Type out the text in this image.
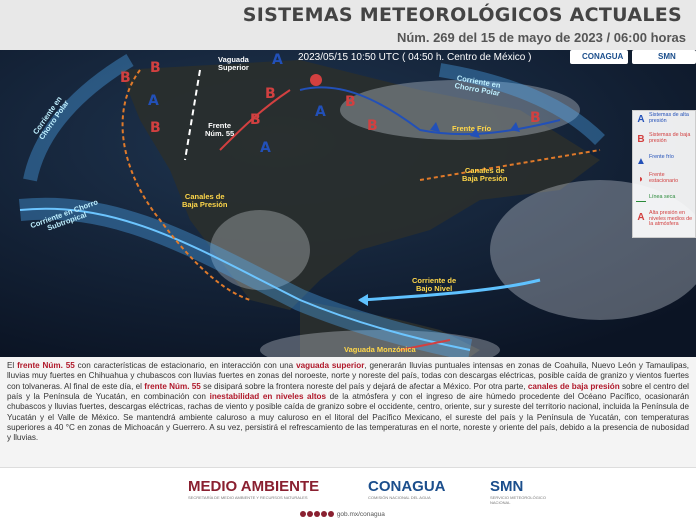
SISTEMAS METEOROLÓGICOS ACTUALES
Núm. 269 del 15 de mayo de 2023 / 06:00 horas
B
B
A
B
A
B
B
A
A
B
B	B
2023/05/15 10:50 UTC ( 04:50 h. Centro de México )	CONAGUA	SMN
Vaguada
Superior
Frente
Núm. 55
Corriente en
Chorro Polar
Corriente en
Chorro Polar
Frente Frío
Canales de
Baja Presión
Canales de
Baja Presión
Corriente en Chorro
Subtropical
Corriente de
Bajo Nivel
Vaguada Monzónica
A Sistemas de alta presión
B Sistemas de baja presión
▲ Frente frío
◗ Frente estacionario
— Línea seca
A Alta presión en niveles medios de la atmósfera
El frente Núm. 55 con características de estacionario, en interacción con una vaguada superior, generarán lluvias puntuales intensas en zonas de Coahuila, Nuevo León y Tamaulipas, lluvias muy fuertes en Chihuahua y chubascos con lluvias fuertes en zonas del noroeste, norte y noreste del país, todas con descargas eléctricas, posible caída de granizo y vientos fuertes con tolvaneras. Al final de este día, el frente Núm. 55 se disipará sobre la frontera noreste del país y dejará de afectar a México. Por otra parte, canales de baja presión sobre el centro del país y la Península de Yucatán, en combinación con inestabilidad en niveles altos de la atmósfera y con el ingreso de aire húmedo procedente del Océano Pacífico, ocasionarán chubascos y lluvias fuertes, descargas eléctricas, rachas de viento y posible caída de granizo sobre el occidente, centro, oriente, sur y sureste del territorio nacional, incluida la Península de Yucatán y el Valle de México. Se mantendrá ambiente caluroso a muy caluroso en el litoral del Pacífico Mexicano, el sureste del país y la Península de Yucatán, con temperaturas superiores a 40 °C en zonas de Michoacán y Guerrero. A su vez, persistirá el refrescamiento de las temperaturas en el norte, noreste y oriente del país, debido a la presencia de nubosidad y lluvias.
MEDIO AMBIENTE
SECRETARÍA DE MEDIO AMBIENTE Y RECURSOS NATURALES
CONAGUA
COMISIÓN NACIONAL DEL AGUA
SMN
SERVICIO METEOROLÓGICO NACIONAL
gob.mx/conagua
